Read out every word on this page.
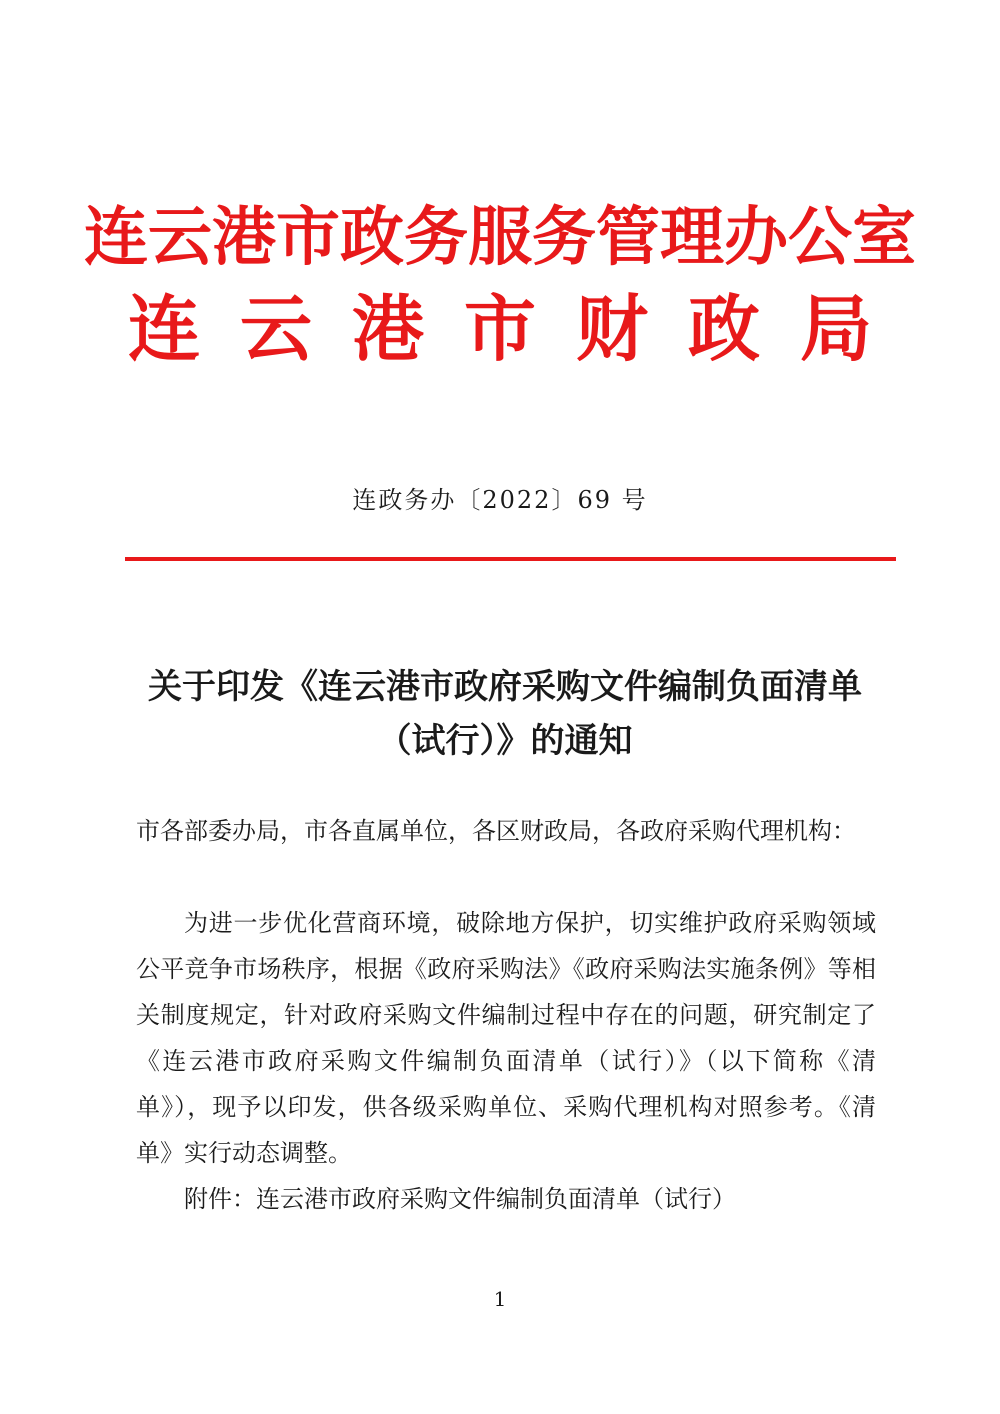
连云港市政务服务管理办公室
连云港市财政局
连政务办〔2022〕69 号
关于印发《连云港市政府采购文件编制负面清单（试行）》的通知
市各部委办局，市各直属单位，各区财政局，各政府采购代理机构：
为进一步优化营商环境，破除地方保护，切实维护政府采购领域公平竞争市场秩序，根据《政府采购法》《政府采购法实施条例》等相关制度规定，针对政府采购文件编制过程中存在的问题，研究制定了《连云港市政府采购文件编制负面清单（试行）》（以下简称《清单》），现予以印发，供各级采购单位、采购代理机构对照参考。《清单》实行动态调整。
附件：连云港市政府采购文件编制负面清单（试行）
1
